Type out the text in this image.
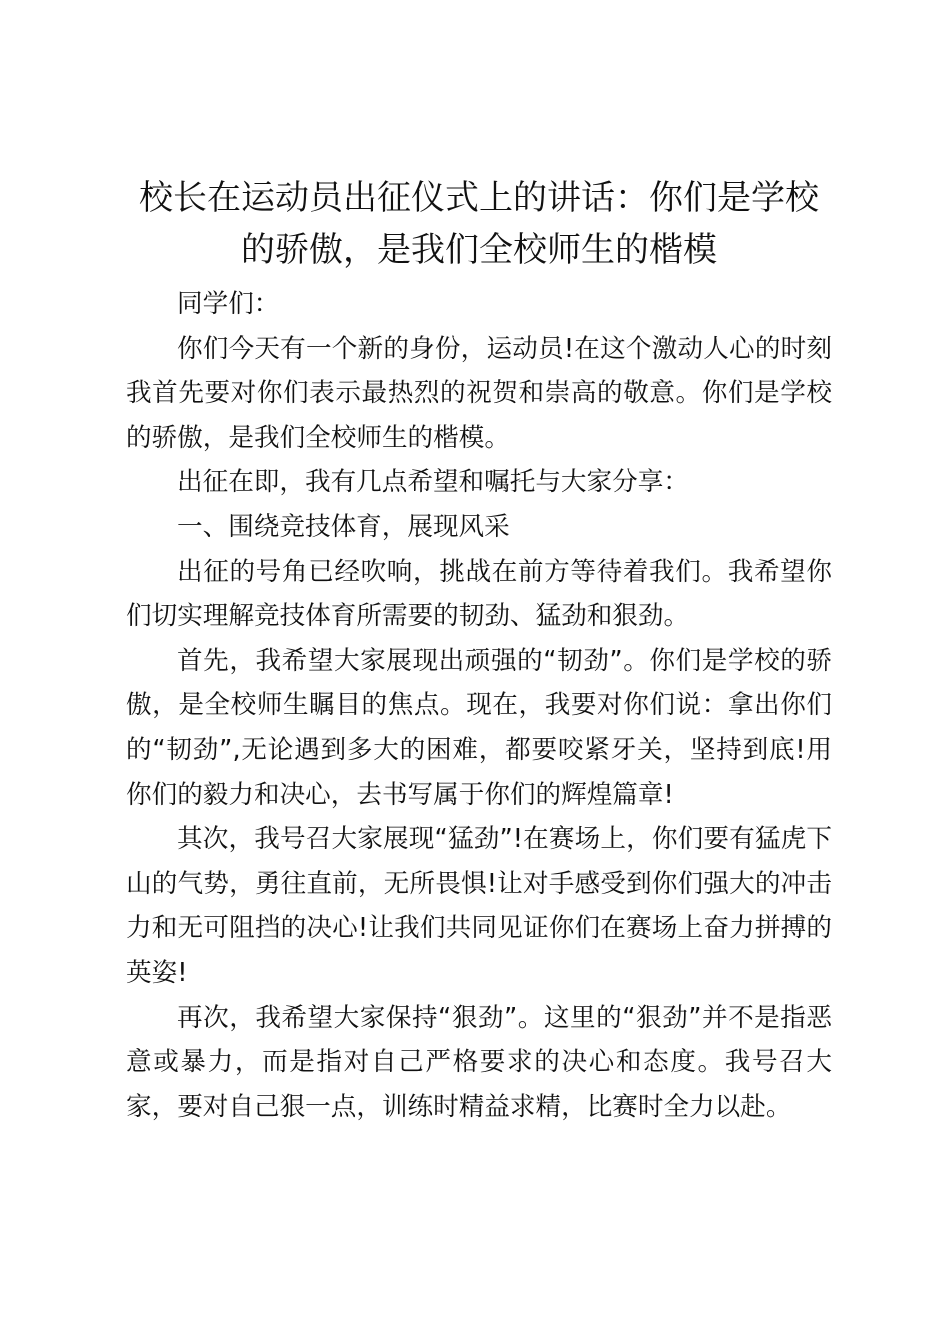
校长在运动员出征仪式上的讲话：你们是学校的骄傲，是我们全校师生的楷模

同学们：

你们今天有一个新的身份，运动员!在这个激动人心的时刻我首先要对你们表示最热烈的祝贺和崇高的敬意。你们是学校的骄傲，是我们全校师生的楷模。

出征在即，我有几点希望和嘱托与大家分享：

一、围绕竞技体育，展现风采

出征的号角已经吹响，挑战在前方等待着我们。我希望你们切实理解竞技体育所需要的韧劲、猛劲和狠劲。

首先，我希望大家展现出顽强的“韧劲”。你们是学校的骄傲，是全校师生瞩目的焦点。现在，我要对你们说：拿出你们的“韧劲”,无论遇到多大的困难，都要咬紧牙关，坚持到底!用你们的毅力和决心，去书写属于你们的辉煌篇章!

其次，我号召大家展现“猛劲”!在赛场上，你们要有猛虎下山的气势，勇往直前，无所畏惧!让对手感受到你们强大的冲击力和无可阻挡的决心!让我们共同见证你们在赛场上奋力拼搏的英姿!

再次，我希望大家保持“狠劲”。这里的“狠劲”并不是指恶意或暴力，而是指对自己严格要求的决心和态度。我号召大家，要对自己狠一点，训练时精益求精，比赛时全力以赴。
